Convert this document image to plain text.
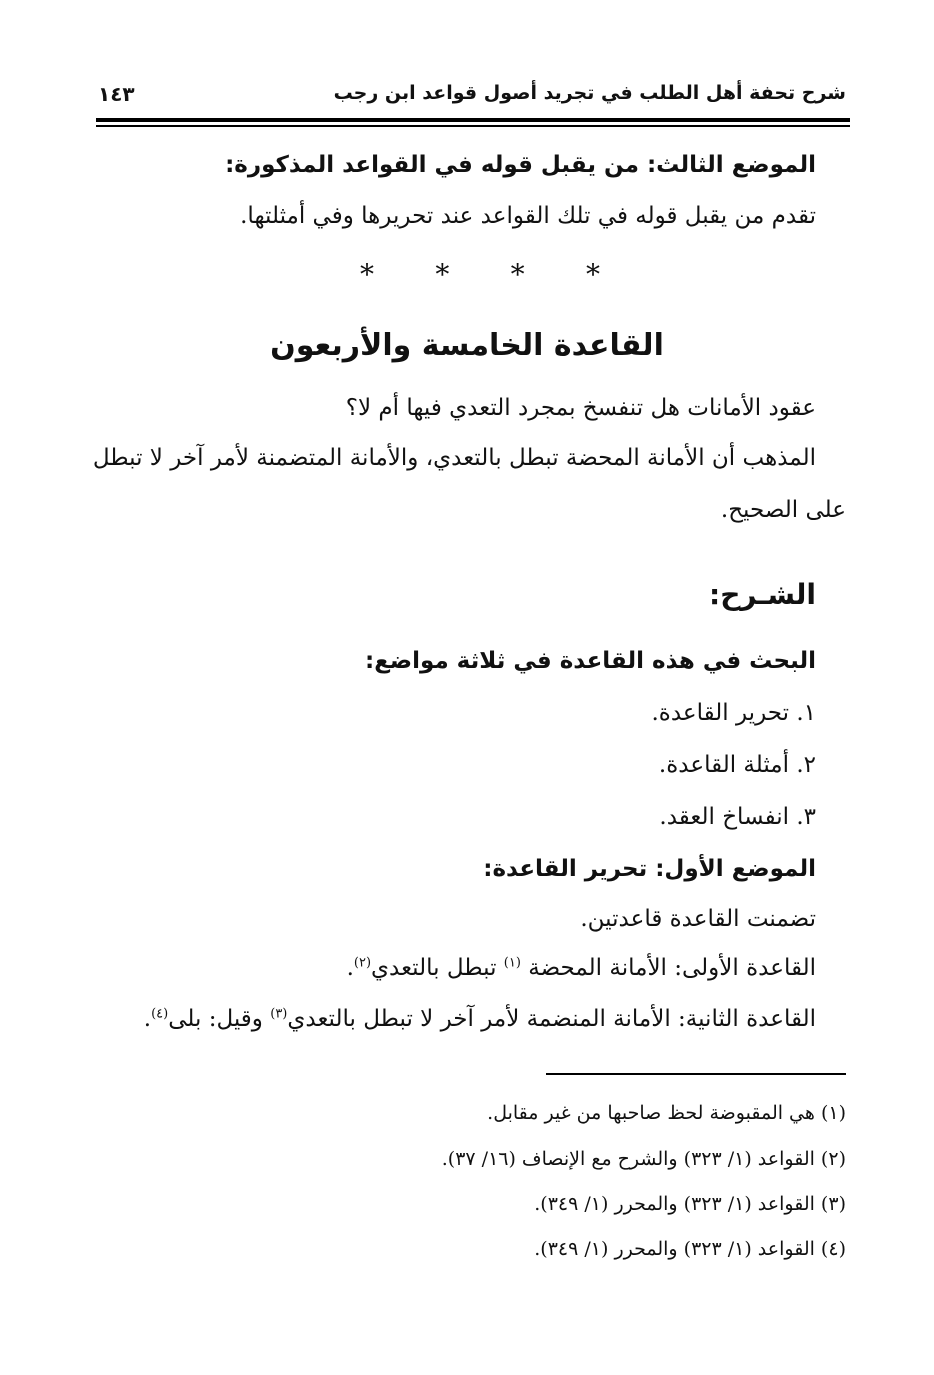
شرح تحفة أهل الطلب في تجريد أصول قواعد ابن رجب
١٤٣
الموضع الثالث: من يقبل قوله في القواعد المذكورة:
تقدم من يقبل قوله في تلك القواعد عند تحريرها وفي أمثلتها.
* * * *
القاعدة الخامسة والأربعون
عقود الأمانات هل تنفسخ بمجرد التعدي فيها أم لا؟
المذهب أن الأمانة المحضة تبطل بالتعدي، والأمانة المتضمنة لأمر آخر لا تبطل
على الصحيح.
الشـرح:
البحث في هذه القاعدة في ثلاثة مواضع:
١. تحرير القاعدة.
٢. أمثلة القاعدة.
٣. انفساخ العقد.
الموضع الأول: تحرير القاعدة:
تضمنت القاعدة قاعدتين.
القاعدة الأولى: الأمانة المحضة $^{(١)}$ تبطل بالتعدي$^{(٢)}$.
القاعدة الثانية: الأمانة المنضمة لأمر آخر لا تبطل بالتعدي$^{(٣)}$ وقيل: بلى$^{(٤)}$.
(١) هي المقبوضة لحظ صاحبها من غير مقابل.
(٢) القواعد (١/ ٣٢٣) والشرح مع الإنصاف (١٦/ ٣٧).
(٣) القواعد (١/ ٣٢٣) والمحرر (١/ ٣٤٩).
(٤) القواعد (١/ ٣٢٣) والمحرر (١/ ٣٤٩).
